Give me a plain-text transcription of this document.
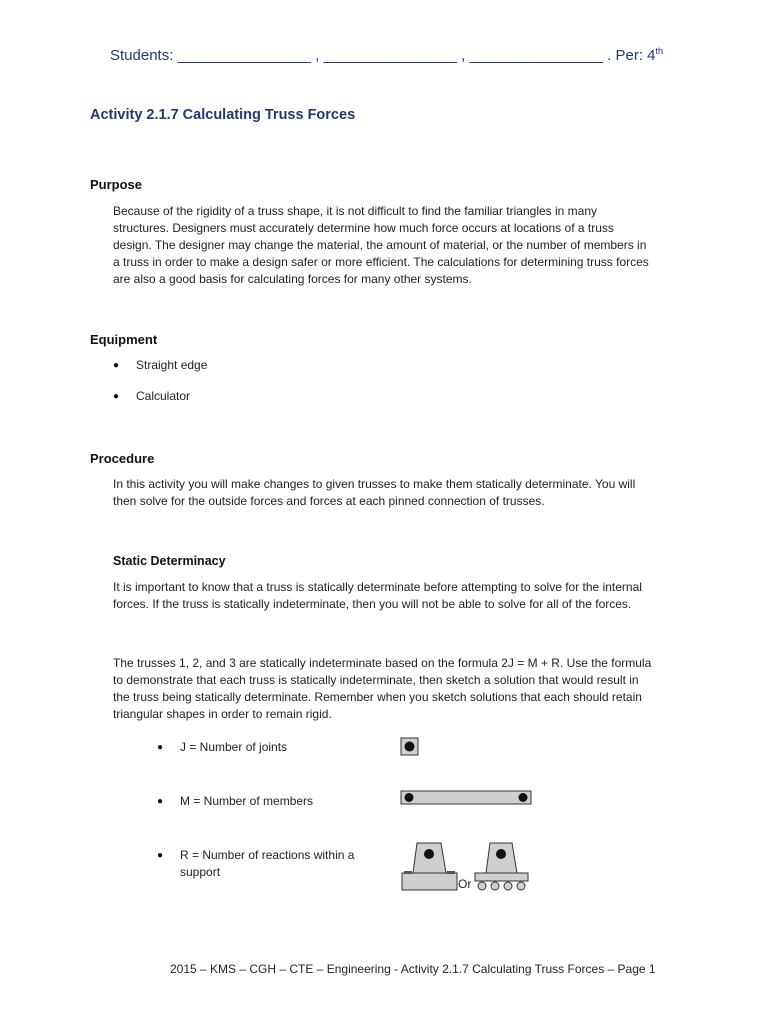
Students: ________________ , ________________ , ________________ . Per: 4th
Activity 2.1.7 Calculating Truss Forces
Purpose
Because of the rigidity of a truss shape, it is not difficult to find the familiar triangles in many
structures. Designers must accurately determine how much force occurs at locations of a truss
design. The designer may change the material, the amount of material, or the number of members in
a truss in order to make a design safer or more efficient. The calculations for determining truss forces
are also a good basis for calculating forces for many other systems.
Equipment
● Straight edge
● Calculator
Procedure
In this activity you will make changes to given trusses to make them statically determinate. You will
then solve for the outside forces and forces at each pinned connection of trusses.
Static Determinacy
It is important to know that a truss is statically determinate before attempting to solve for the internal
forces. If the truss is statically indeterminate, then you will not be able to solve for all of the forces.
The trusses 1, 2, and 3 are statically indeterminate based on the formula 2J = M + R. Use the formula
to demonstrate that each truss is statically indeterminate, then sketch a solution that would result in
the truss being statically determinate. Remember when you sketch solutions that each should retain
triangular shapes in order to remain rigid.
● J = Number of joints
● M = Number of members
● R = Number of reactions within a
support
Or
2015 – KMS – CGH – CTE – Engineering - Activity 2.1.7 Calculating Truss Forces – Page 1
